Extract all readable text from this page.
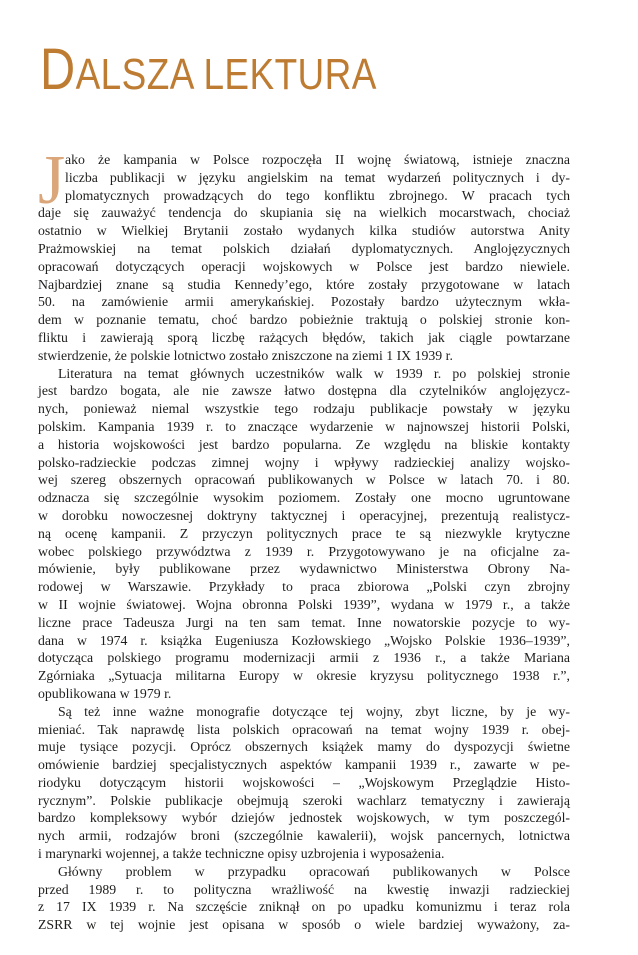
DALSZA LEKTURA
J ako że kampania w Polsce rozpoczęła II wojnę światową, istnieje znaczna
liczba publikacji w języku angielskim na temat wydarzeń politycznych i dy-
plomatycznych prowadzących do tego konfliktu zbrojnego. W pracach tych
daje się zauważyć tendencja do skupiania się na wielkich mocarstwach, chociaż
ostatnio w Wielkiej Brytanii zostało wydanych kilka studiów autorstwa Anity
Prażmowskiej na temat polskich działań dyplomatycznych. Anglojęzycznych
opracowań dotyczących operacji wojskowych w Polsce jest bardzo niewiele.
Najbardziej znane są studia Kennedy’ego, które zostały przygotowane w latach
50. na zamówienie armii amerykańskiej. Pozostały bardzo użytecznym wkła-
dem w poznanie tematu, choć bardzo pobieżnie traktują o polskiej stronie kon-
fliktu i zawierają sporą liczbę rażących błędów, takich jak ciągle powtarzane
stwierdzenie, że polskie lotnictwo zostało zniszczone na ziemi 1 IX 1939 r.
Literatura na temat głównych uczestników walk w 1939 r. po polskiej stronie
jest bardzo bogata, ale nie zawsze łatwo dostępna dla czytelników anglojęzycz-
nych, ponieważ niemal wszystkie tego rodzaju publikacje powstały w języku
polskim. Kampania 1939 r. to znaczące wydarzenie w najnowszej historii Polski,
a historia wojskowości jest bardzo popularna. Ze względu na bliskie kontakty
polsko-radzieckie podczas zimnej wojny i wpływy radzieckiej analizy wojsko-
wej szereg obszernych opracowań publikowanych w Polsce w latach 70. i 80.
odznacza się szczególnie wysokim poziomem. Zostały one mocno ugruntowane
w dorobku nowoczesnej doktryny taktycznej i operacyjnej, prezentują realistycz-
ną ocenę kampanii. Z przyczyn politycznych prace te są niezwykle krytyczne
wobec polskiego przywództwa z 1939 r. Przygotowywano je na oficjalne za-
mówienie, były publikowane przez wydawnictwo Ministerstwa Obrony Na-
rodowej w Warszawie. Przykłady to praca zbiorowa „Polski czyn zbrojny
w II wojnie światowej. Wojna obronna Polski 1939”, wydana w 1979 r., a także
liczne prace Tadeusza Jurgi na ten sam temat. Inne nowatorskie pozycje to wy-
dana w 1974 r. książka Eugeniusza Kozłowskiego „Wojsko Polskie 1936–1939”,
dotycząca polskiego programu modernizacji armii z 1936 r., a także Mariana
Zgórniaka „Sytuacja militarna Europy w okresie kryzysu politycznego 1938 r.”,
opublikowana w 1979 r.
Są też inne ważne monografie dotyczące tej wojny, zbyt liczne, by je wy-
mieniać. Tak naprawdę lista polskich opracowań na temat wojny 1939 r. obej-
muje tysiące pozycji. Oprócz obszernych książek mamy do dyspozycji świetne
omówienie bardziej specjalistycznych aspektów kampanii 1939 r., zawarte w pe-
riodyku dotyczącym historii wojskowości – „Wojskowym Przeglądzie Histo-
rycznym”. Polskie publikacje obejmują szeroki wachlarz tematyczny i zawierają
bardzo kompleksowy wybór dziejów jednostek wojskowych, w tym poszczegól-
nych armii, rodzajów broni (szczególnie kawalerii), wojsk pancernych, lotnictwa
i marynarki wojennej, a także techniczne opisy uzbrojenia i wyposażenia.
Główny problem w przypadku opracowań publikowanych w Polsce
przed 1989 r. to polityczna wrażliwość na kwestię inwazji radzieckiej
z 17 IX 1939 r. Na szczęście zniknął on po upadku komunizmu i teraz rola
ZSRR w tej wojnie jest opisana w sposób o wiele bardziej wyważony, za-
